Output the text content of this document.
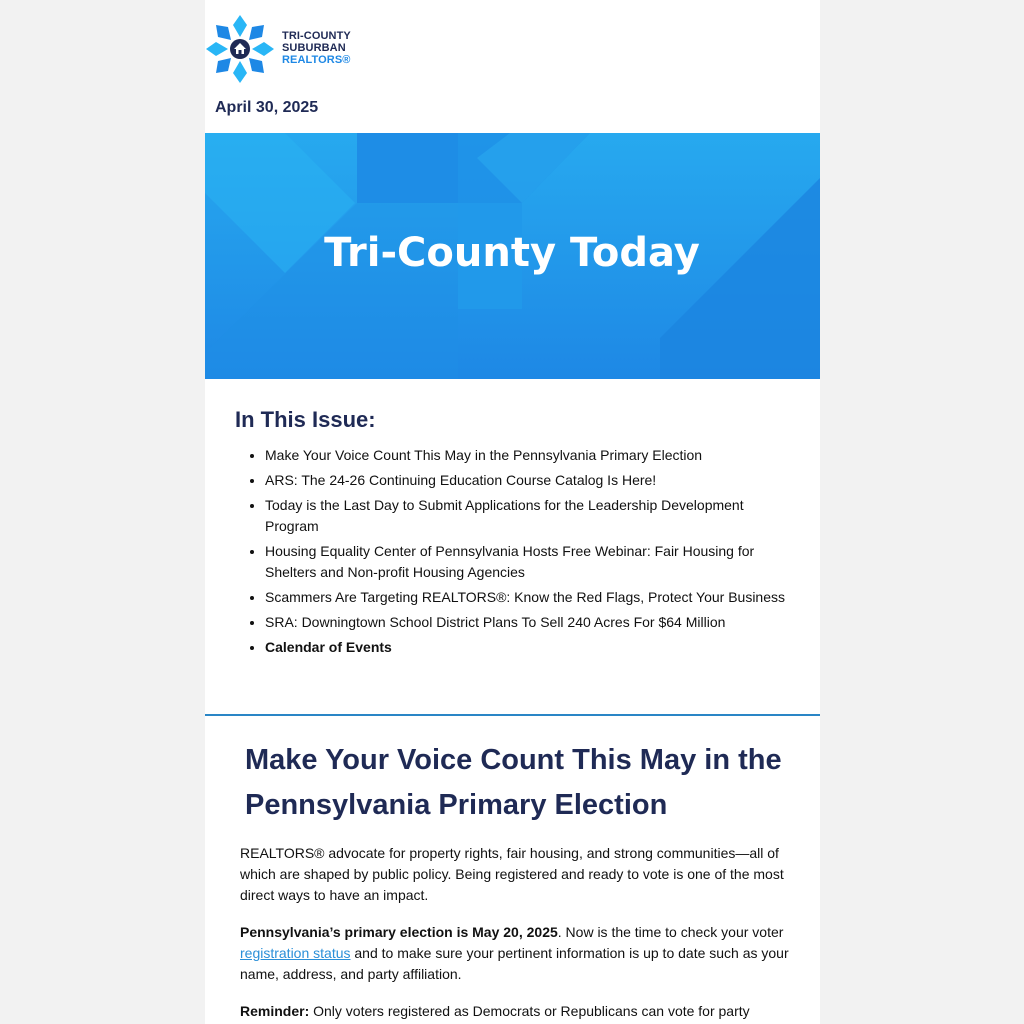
TRI-COUNTY
SUBURBAN
REALTORS®
April 30, 2025
Tri-County Today
In This Issue:
• Make Your Voice Count This May in the Pennsylvania Primary Election
• ARS: The 24-26 Continuing Education Course Catalog Is Here!
• Today is the Last Day to Submit Applications for the Leadership Development Program
• Housing Equality Center of Pennsylvania Hosts Free Webinar: Fair Housing for Shelters and Non-profit Housing Agencies
• Scammers Are Targeting REALTORS®: Know the Red Flags, Protect Your Business
• SRA: Downingtown School District Plans To Sell 240 Acres For $64 Million
• Calendar of Events
Make Your Voice Count This May in the Pennsylvania Primary Election

REALTORS® advocate for property rights, fair housing, and strong communities—all of which are shaped by public policy. Being registered and ready to vote is one of the most direct ways to have an impact.

Pennsylvania’s primary election is May 20, 2025. Now is the time to check your voter registration status and to make sure your pertinent information is up to date such as your name, address, and party affiliation.

Reminder: Only voters registered as Democrats or Republicans can vote for party
